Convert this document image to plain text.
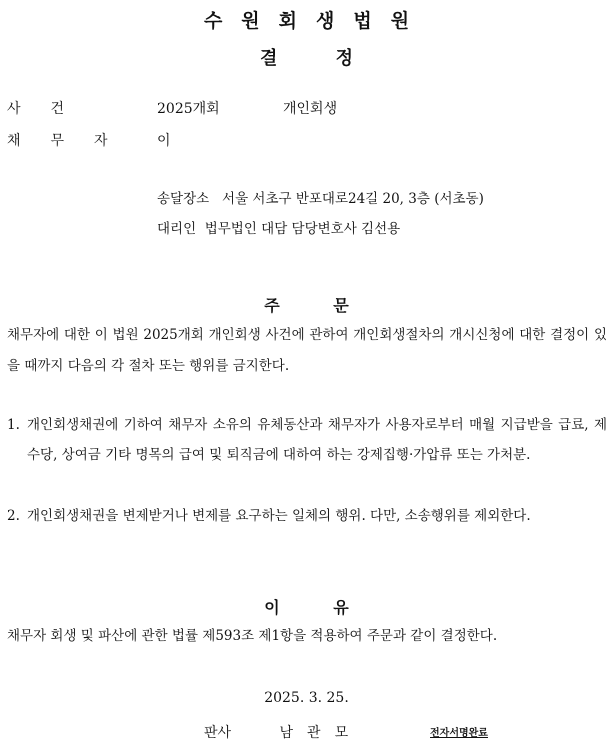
수원회생법원
결 정
사건	2025개회	개인회생
채무자 이
송달장소 서울 서초구 반포대로24길 20, 3층 (서초동)
대리인 법무법인 대담 담당변호사 김선용
주 문
채무자에 대한 이 법원 2025개회 개인회생 사건에 관하여 개인회생절차의 개시신청에 대한 결정이 있을 때까지 다음의 각 절차 또는 행위를 금지한다.
1. 개인회생채권에 기하여 채무자 소유의 유체동산과 채무자가 사용자로부터 매월 지급받을 급료, 제수당, 상여금 기타 명목의 급여 및 퇴직금에 대하여 하는 강제집행·가압류 또는 가처분.
2. 개인회생채권을 변제받거나 변제를 요구하는 일체의 행위. 다만, 소송행위를 제외한다.
이 유
채무자 회생 및 파산에 관한 법률 제593조 제1항을 적용하여 주문과 같이 결정한다.
2025. 3. 25.
판사	남관모	전자서명완료
